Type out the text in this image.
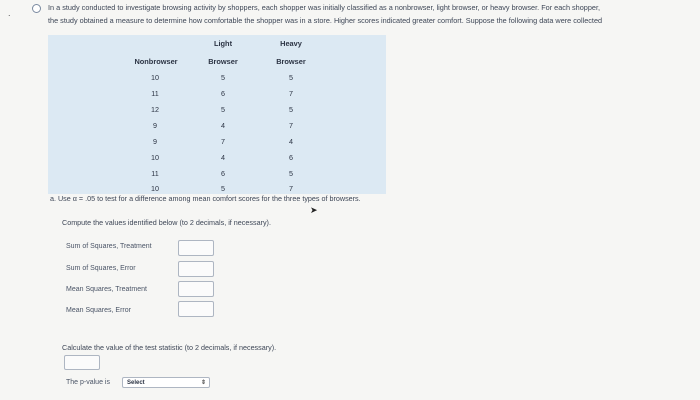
.
In a study conducted to investigate browsing activity by shoppers, each shopper was initially classified as a nonbrowser, light browser, or heavy browser. For each shopper,
the study obtained a measure to determine how comfortable the shopper was in a store. Higher scores indicated greater comfort. Suppose the following data were collected
Light	Heavy
Nonbrowser	Browser	Browser
10	5	5
11	6	7
12	5	5
9	4	7
9	7	4
10	4	6
11	6	5
10	5	7
a. Use α = .05 to test for a difference among mean comfort scores for the three types of browsers.
➤
Compute the values identified below (to 2 decimals, if necessary).
Sum of Squares, Treatment
Sum of Squares, Error
Mean Squares, Treatment
Mean Squares, Error
Calculate the value of the test statistic (to 2 decimals, if necessary).
The p-value is	Select	⇕
